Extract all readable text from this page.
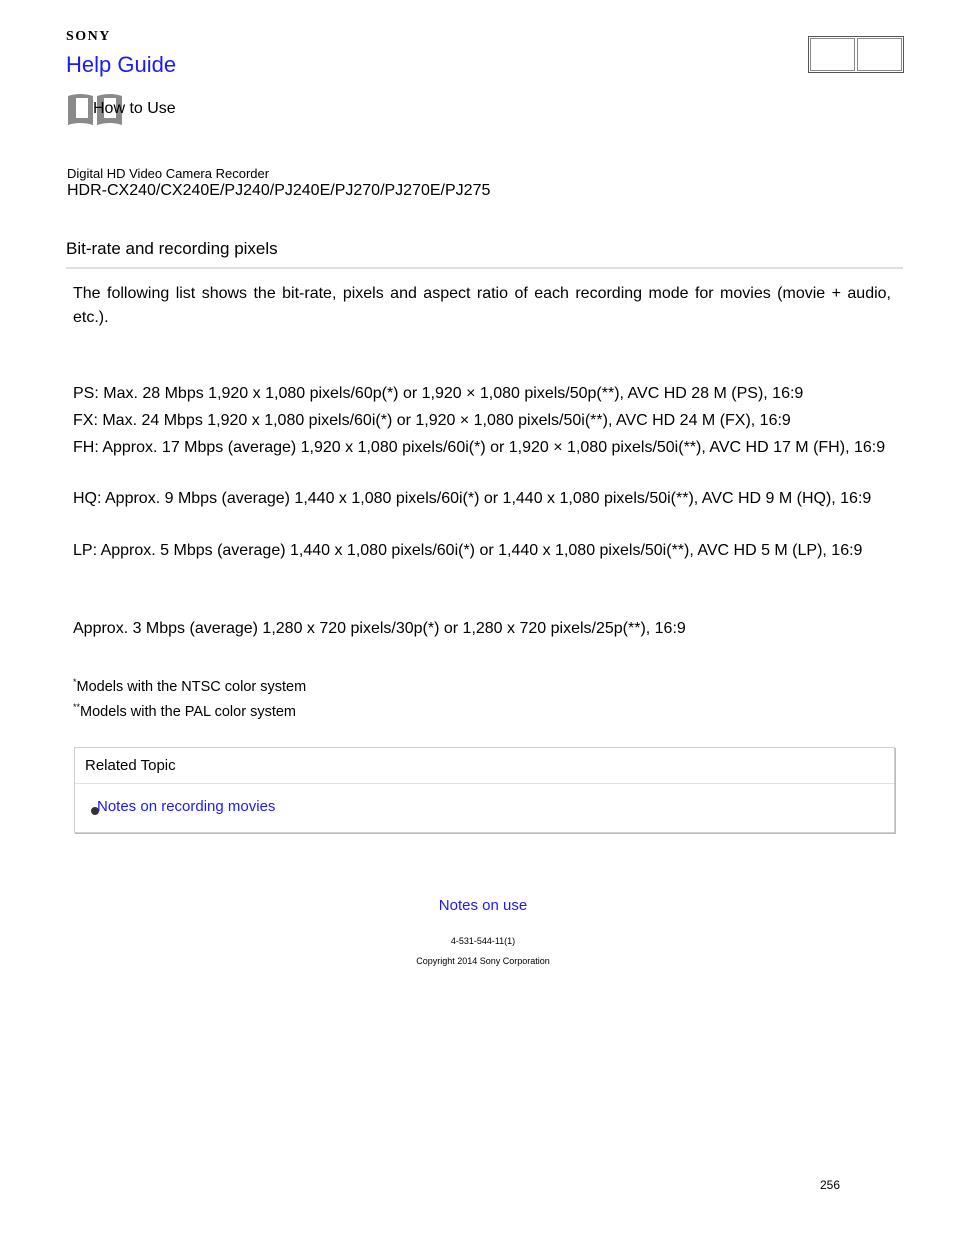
SONY
Help Guide
How to Use
Digital HD Video Camera Recorder
HDR-CX240/CX240E/PJ240/PJ240E/PJ270/PJ270E/PJ275
Bit-rate and recording pixels
The following list shows the bit-rate, pixels and aspect ratio of each recording mode for movies (movie + audio, etc.).
PS: Max. 28 Mbps 1,920 x 1,080 pixels/60p(*) or 1,920 × 1,080 pixels/50p(**), AVC HD 28 M (PS), 16:9
FX: Max. 24 Mbps 1,920 x 1,080 pixels/60i(*) or 1,920 × 1,080 pixels/50i(**), AVC HD 24 M (FX), 16:9
FH: Approx. 17 Mbps (average) 1,920 x 1,080 pixels/60i(*) or 1,920 × 1,080 pixels/50i(**), AVC HD 17 M (FH), 16:9
HQ: Approx. 9 Mbps (average) 1,440 x 1,080 pixels/60i(*) or 1,440 x 1,080 pixels/50i(**), AVC HD 9 M (HQ), 16:9
LP: Approx. 5 Mbps (average) 1,440 x 1,080 pixels/60i(*) or 1,440 x 1,080 pixels/50i(**), AVC HD 5 M (LP), 16:9
Approx. 3 Mbps (average) 1,280 x 720 pixels/30p(*) or 1,280 x 720 pixels/25p(**), 16:9
*Models with the NTSC color system
**Models with the PAL color system
Related Topic
Notes on recording movies
Notes on use
4-531-544-11(1)
Copyright 2014 Sony Corporation
256
